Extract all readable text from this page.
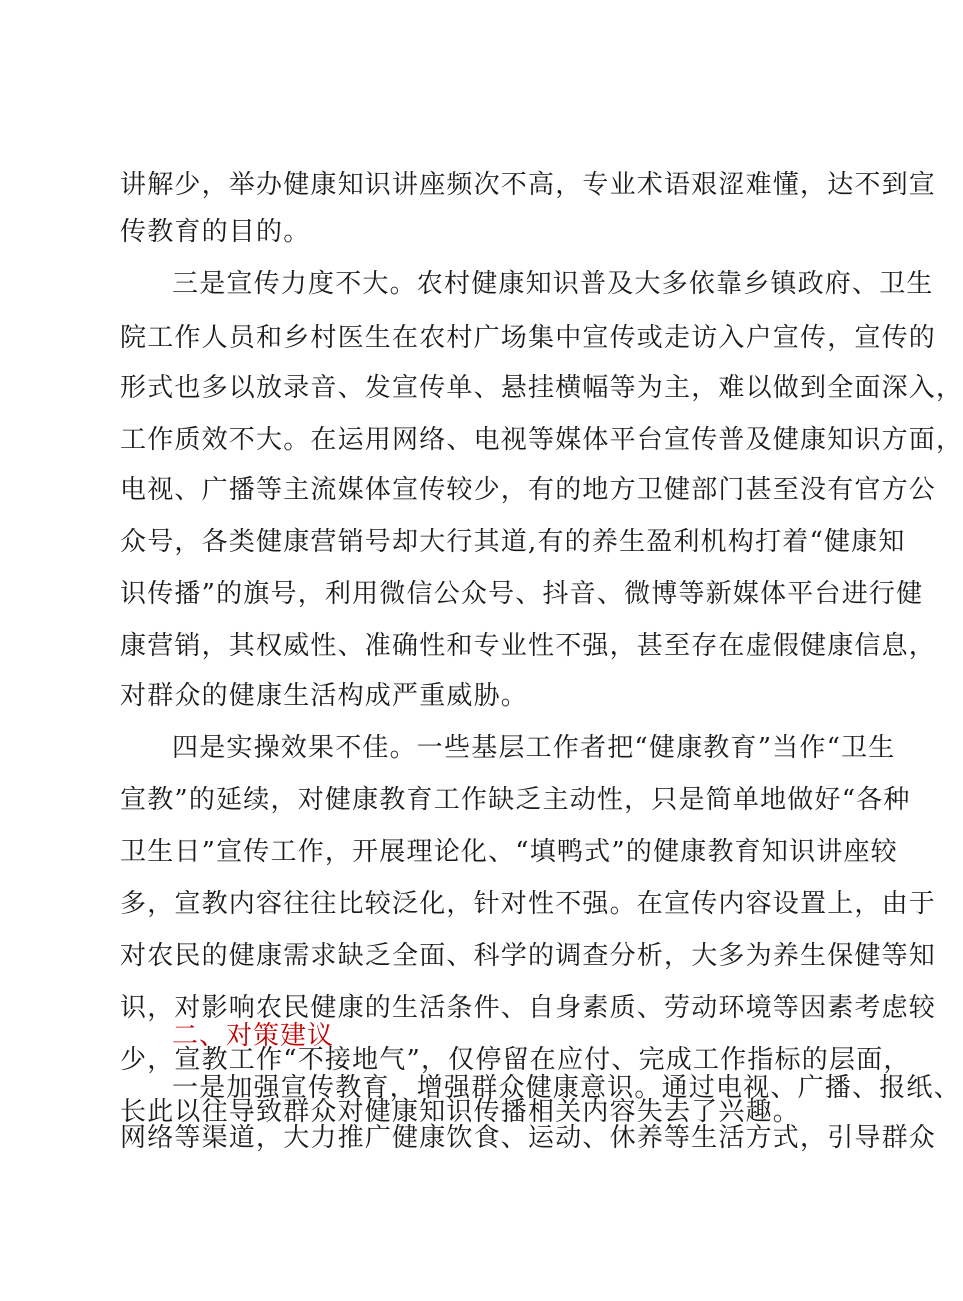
讲解少，举办健康知识讲座频次不高，专业术语艰涩难懂，达不到宣
传教育的目的。
三是宣传力度不大。农村健康知识普及大多依靠乡镇政府、卫生
院工作人员和乡村医生在农村广场集中宣传或走访入户宣传，宣传的
形式也多以放录音、发宣传单、悬挂横幅等为主，难以做到全面深入，
工作质效不大。在运用网络、电视等媒体平台宣传普及健康知识方面，
电视、广播等主流媒体宣传较少，有的地方卫健部门甚至没有官方公
众号，各类健康营销号却大行其道,有的养生盈利机构打着“健康知
识传播”的旗号，利用微信公众号、抖音、微博等新媒体平台进行健
康营销，其权威性、准确性和专业性不强，甚至存在虚假健康信息，
对群众的健康生活构成严重威胁。
四是实操效果不佳。一些基层工作者把“健康教育”当作“卫生
宣教”的延续，对健康教育工作缺乏主动性，只是简单地做好“各种
卫生日”宣传工作，开展理论化、“填鸭式”的健康教育知识讲座较
多，宣教内容往往比较泛化，针对性不强。在宣传内容设置上，由于
对农民的健康需求缺乏全面、科学的调查分析，大多为养生保健等知
识，对影响农民健康的生活条件、自身素质、劳动环境等因素考虑较
少，宣教工作“不接地气”，仅停留在应付、完成工作指标的层面，
长此以往导致群众对健康知识传播相关内容失去了兴趣。
二、对策建议
一是加强宣传教育，增强群众健康意识。通过电视、广播、报纸、
网络等渠道，大力推广健康饮食、运动、休养等生活方式，引导群众
